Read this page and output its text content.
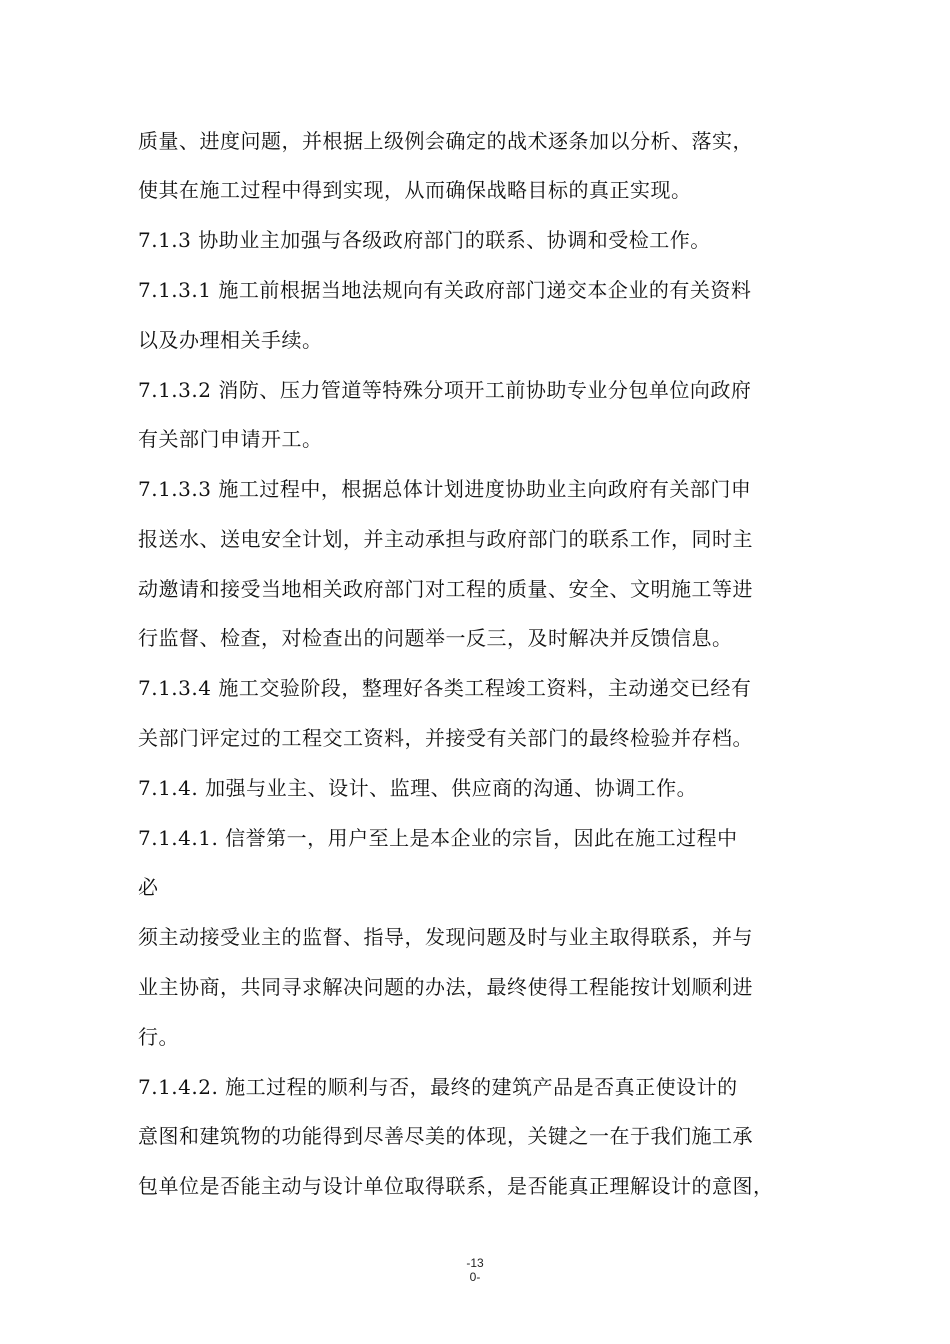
质量、进度问题，并根据上级例会确定的战术逐条加以分析、落实，
使其在施工过程中得到实现，从而确保战略目标的真正实现。
7.1.3 协助业主加强与各级政府部门的联系、协调和受检工作。
7.1.3.1 施工前根据当地法规向有关政府部门递交本企业的有关资料
以及办理相关手续。
7.1.3.2 消防、压力管道等特殊分项开工前协助专业分包单位向政府
有关部门申请开工。
7.1.3.3 施工过程中，根据总体计划进度协助业主向政府有关部门申
报送水、送电安全计划，并主动承担与政府部门的联系工作，同时主
动邀请和接受当地相关政府部门对工程的质量、安全、文明施工等进
行监督、检查，对检查出的问题举一反三，及时解决并反馈信息。
7.1.3.4 施工交验阶段，整理好各类工程竣工资料，主动递交已经有
关部门评定过的工程交工资料，并接受有关部门的最终检验并存档。
7.1.4. 加强与业主、设计、监理、供应商的沟通、协调工作。
7.1.4.1. 信誉第一，用户至上是本企业的宗旨，因此在施工过程中
必
须主动接受业主的监督、指导，发现问题及时与业主取得联系，并与
业主协商，共同寻求解决问题的办法，最终使得工程能按计划顺利进
行。
7.1.4.2. 施工过程的顺利与否，最终的建筑产品是否真正使设计的
意图和建筑物的功能得到尽善尽美的体现，关键之一在于我们施工承
包单位是否能主动与设计单位取得联系，是否能真正理解设计的意图，
-13
0-
